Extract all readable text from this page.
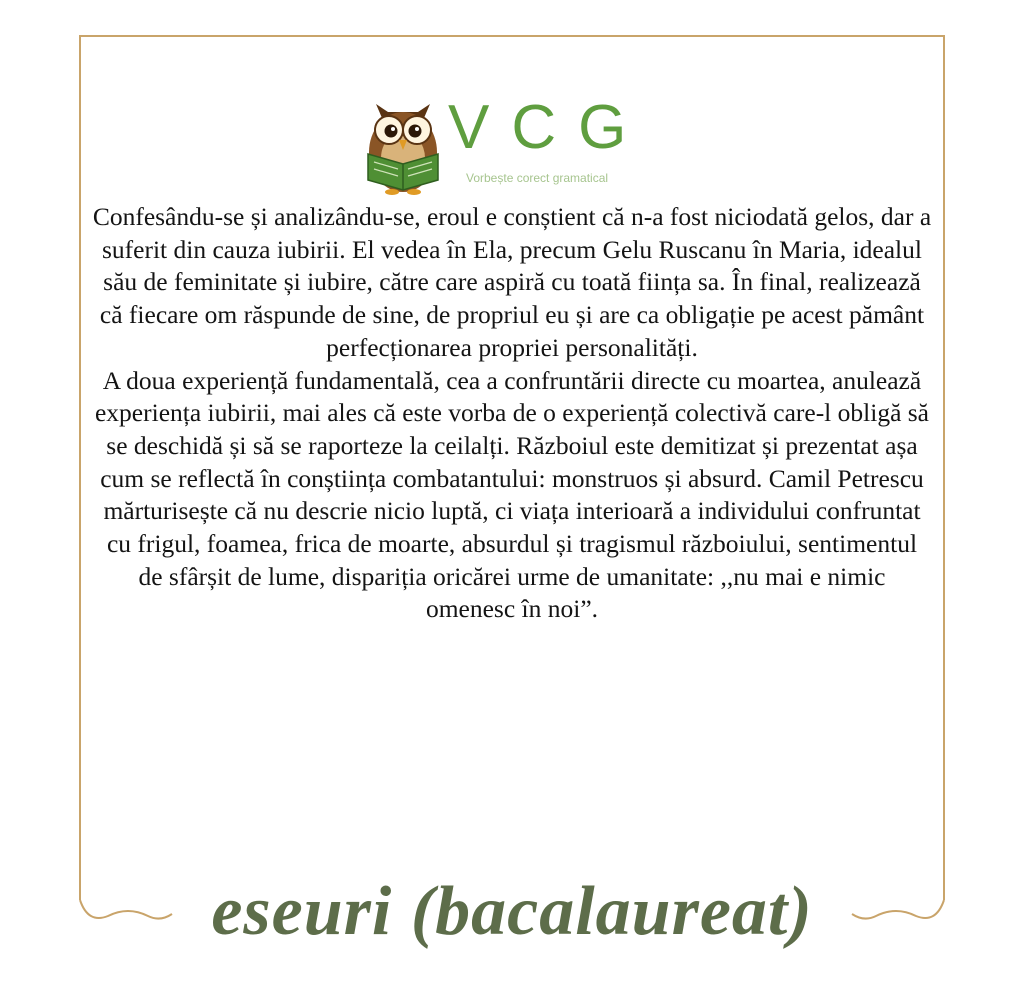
VCG
Vorbește corect gramatical

Confesându-se și analizându-se, eroul e conștient că n-a fost niciodată gelos, dar a suferit din cauza iubirii. El vedea în Ela, precum Gelu Ruscanu în Maria, idealul său de feminitate și iubire, către care aspiră cu toată ființa sa. În final, realizează că fiecare om răspunde de sine, de propriul eu și are ca obligație pe acest pământ perfecționarea propriei personalități.

A doua experiență fundamentală, cea a confruntării directe cu moartea, anulează experiența iubirii, mai ales că este vorba de o experiență colectivă care-l obligă să se deschidă și să se raporteze la ceilalți. Războiul este demitizat și prezentat așa cum se reflectă în conștiința combatantului: monstruos și absurd. Camil Petrescu mărturisește că nu descrie nicio luptă, ci viața interioară a individului confruntat cu frigul, foamea, frica de moarte, absurdul și tragismul războiului, sentimentul de sfârșit de lume, dispariția oricărei urme de umanitate: ,,nu mai e nimic omenesc în noi”.

eseuri (bacalaureat)
